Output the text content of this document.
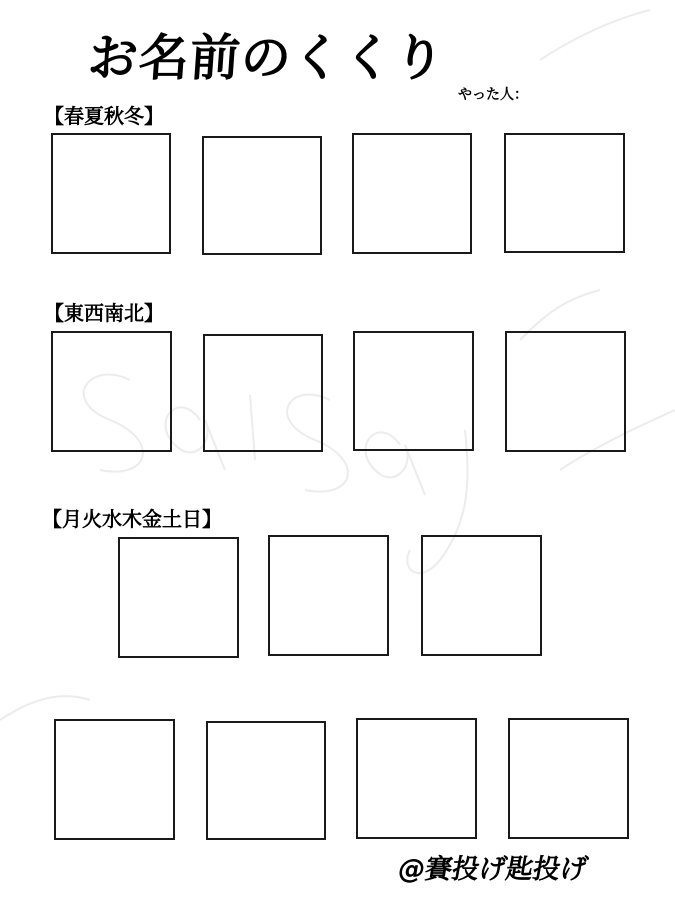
お名前のくくり
やった人：
【春夏秋冬】
【東西南北】
【月火水木金土日】
@賽投げ匙投げ
